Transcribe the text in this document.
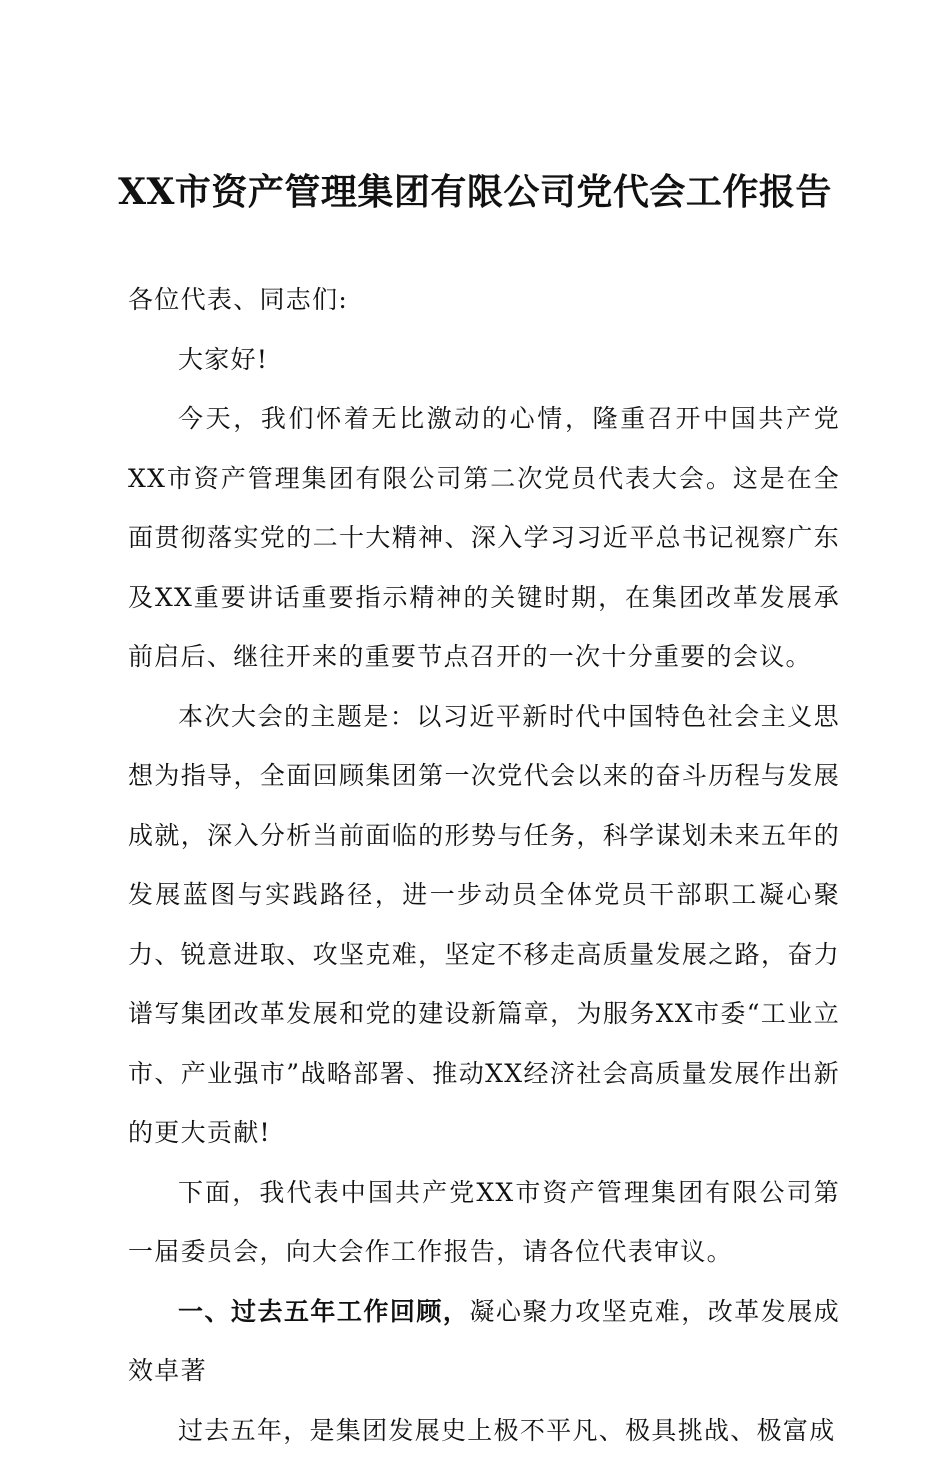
XX市资产管理集团有限公司党代会工作报告

各位代表、同志们:

大家好!

今天，我们怀着无比激动的心情，隆重召开中国共产党XX市资产管理集团有限公司第二次党员代表大会。这是在全面贯彻落实党的二十大精神、深入学习习近平总书记视察广东及XX重要讲话重要指示精神的关键时期，在集团改革发展承前启后、继往开来的重要节点召开的一次十分重要的会议。

本次大会的主题是：以习近平新时代中国特色社会主义思想为指导，全面回顾集团第一次党代会以来的奋斗历程与发展成就，深入分析当前面临的形势与任务，科学谋划未来五年的发展蓝图与实践路径，进一步动员全体党员干部职工凝心聚力、锐意进取、攻坚克难，坚定不移走高质量发展之路，奋力谱写集团改革发展和党的建设新篇章，为服务XX市委“工业立市、产业强市”战略部署、推动XX经济社会高质量发展作出新的更大贡献!

下面，我代表中国共产党XX市资产管理集团有限公司第一届委员会，向大会作工作报告，请各位代表审议。

一、过去五年工作回顾，凝心聚力攻坚克难，改革发展成效卓著

过去五年，是集团发展史上极不平凡、极具挑战、极富成
